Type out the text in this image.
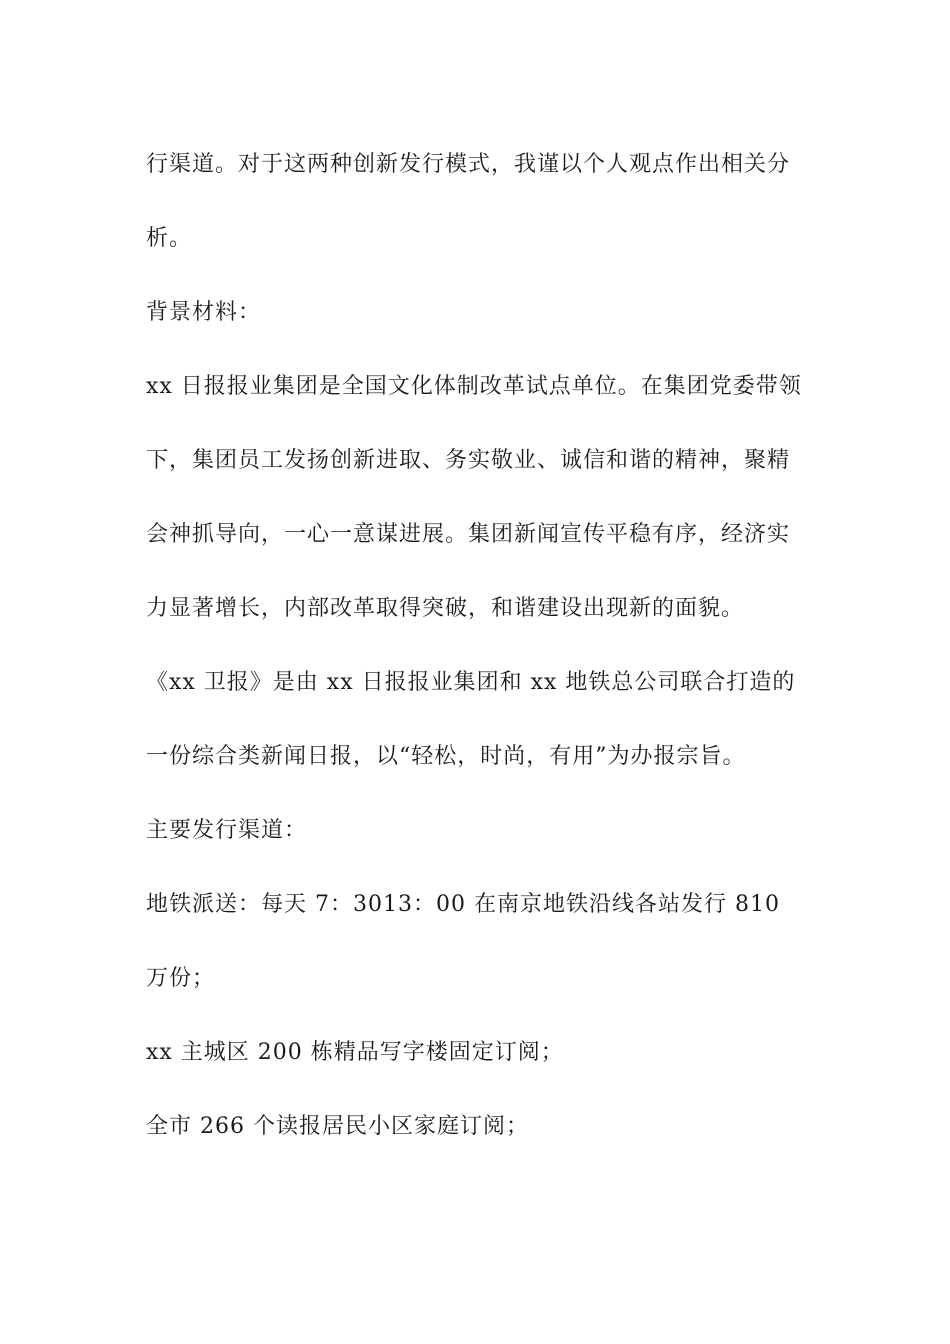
行渠道。对于这两种创新发行模式，我谨以个人观点作出相关分析。

背景材料：

xx 日报报业集团是全国文化体制改革试点单位。在集团党委带领下，集团员工发扬创新进取、务实敬业、诚信和谐的精神，聚精会神抓导向，一心一意谋进展。集团新闻宣传平稳有序，经济实力显著增长，内部改革取得突破，和谐建设出现新的面貌。

《xx 卫报》是由 xx 日报报业集团和 xx 地铁总公司联合打造的一份综合类新闻日报，以“轻松，时尚，有用”为办报宗旨。

主要发行渠道：

地铁派送：每天 7：3013：00 在南京地铁沿线各站发行 810 万份；

xx 主城区 200 栋精品写字楼固定订阅；

全市 266 个读报居民小区家庭订阅；
